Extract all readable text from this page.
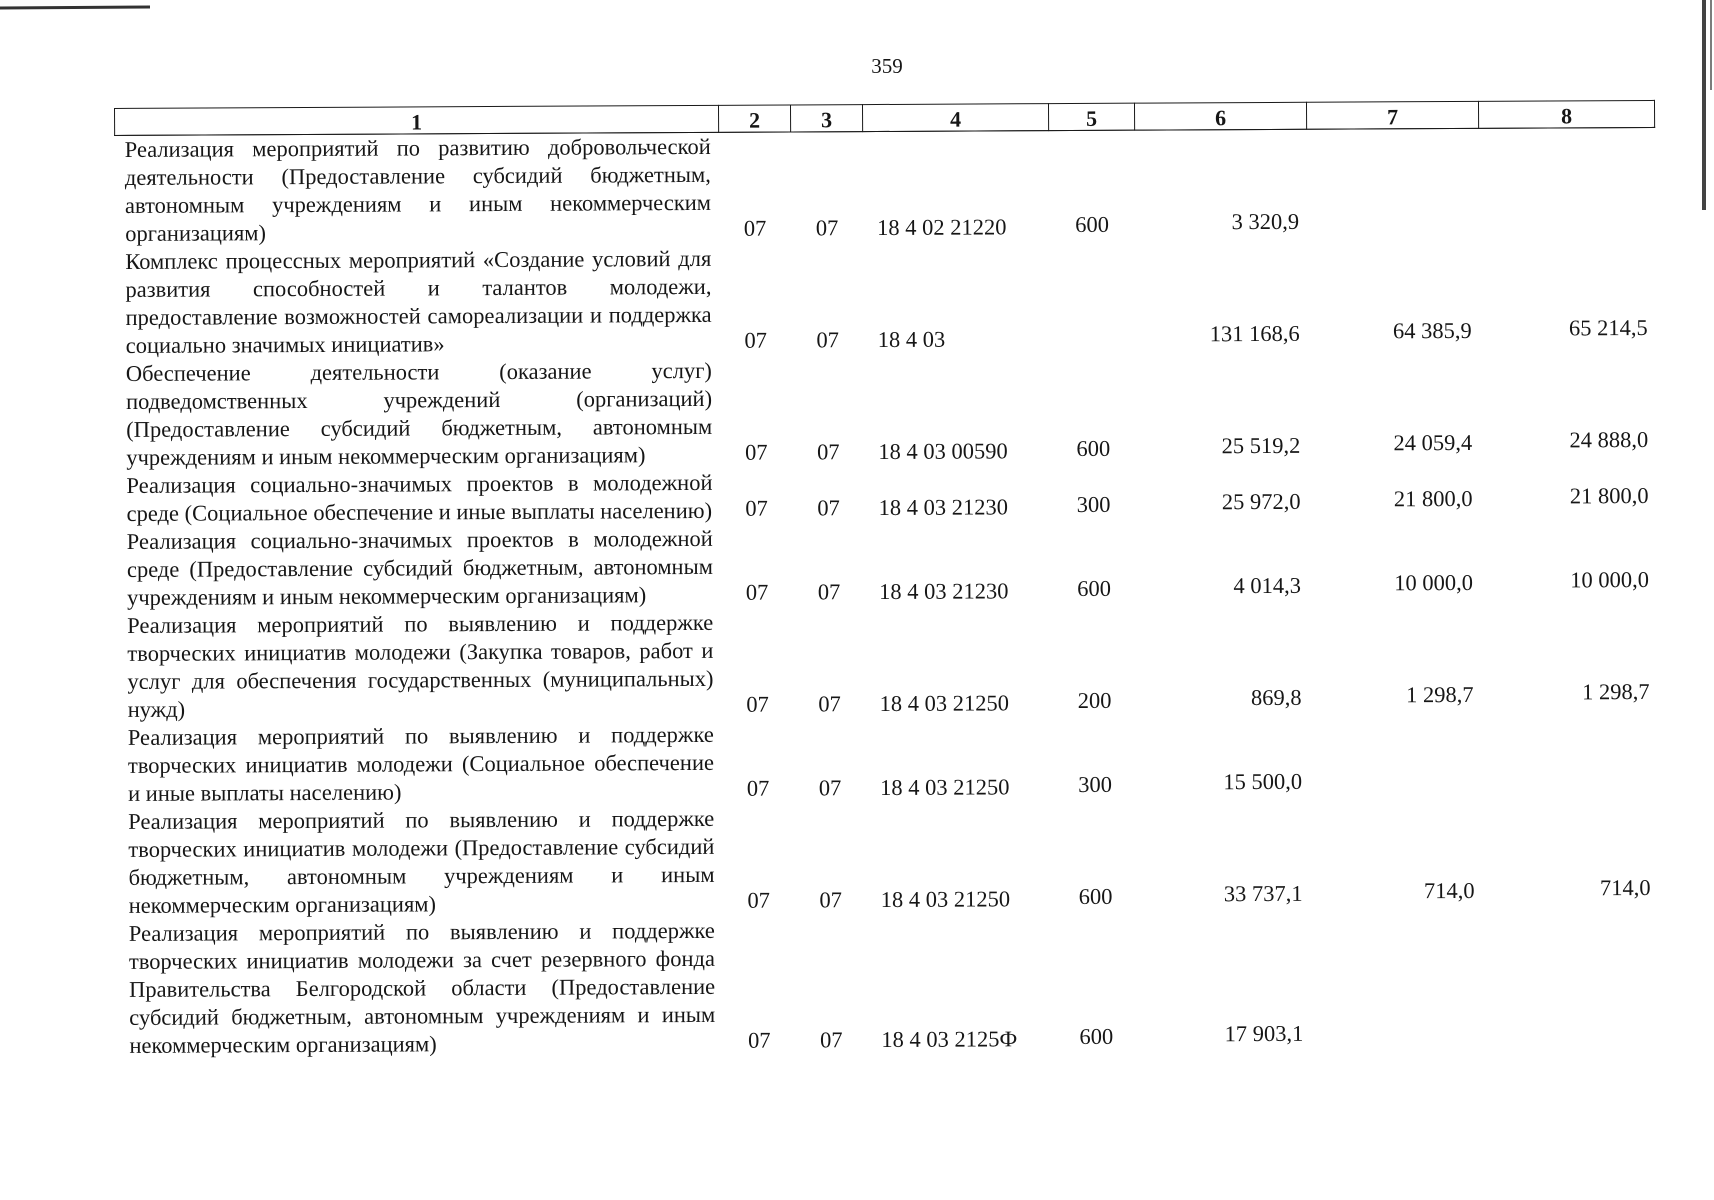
359
1	2	3	4	5	6	7	8
Реализация мероприятий по развитию добровольческой деятельности (Предоставление субсидий бюджетным, автономным учреждениям и иным некоммерческим организациям)	07	07	18 4 02 21220	600	3 320,9		
Комплекс процессных мероприятий «Создание условий для развития способностей и талантов молодежи, предоставление возможностей самореализации и поддержка социально значимых инициатив»	07	07	18 4 03		131 168,6	64 385,9	65 214,5
Обеспечение деятельности (оказание услуг) подведомственных учреждений (организаций) (Предоставление субсидий бюджетным, автономным учреждениям и иным некоммерческим организациям)	07	07	18 4 03 00590	600	25 519,2	24 059,4	24 888,0
Реализация социально-значимых проектов в молодежной среде (Социальное обеспечение и иные выплаты населению)	07	07	18 4 03 21230	300	25 972,0	21 800,0	21 800,0
Реализация социально-значимых проектов в молодежной среде (Предоставление субсидий бюджетным, автономным учреждениям и иным некоммерческим организациям)	07	07	18 4 03 21230	600	4 014,3	10 000,0	10 000,0
Реализация мероприятий по выявлению и поддержке творческих инициатив молодежи (Закупка товаров, работ и услуг для обеспечения государственных (муниципальных) нужд)	07	07	18 4 03 21250	200	869,8	1 298,7	1 298,7
Реализация мероприятий по выявлению и поддержке творческих инициатив молодежи (Социальное обеспечение и иные выплаты населению)	07	07	18 4 03 21250	300	15 500,0		
Реализация мероприятий по выявлению и поддержке творческих инициатив молодежи (Предоставление субсидий бюджетным, автономным учреждениям и иным некоммерческим организациям)	07	07	18 4 03 21250	600	33 737,1	714,0	714,0
Реализация мероприятий по выявлению и поддержке творческих инициатив молодежи за счет резервного фонда Правительства Белгородской области (Предоставление субсидий бюджетным, автономным учреждениям и иным некоммерческим организациям)	07	07	18 4 03 2125Ф	600	17 903,1		
